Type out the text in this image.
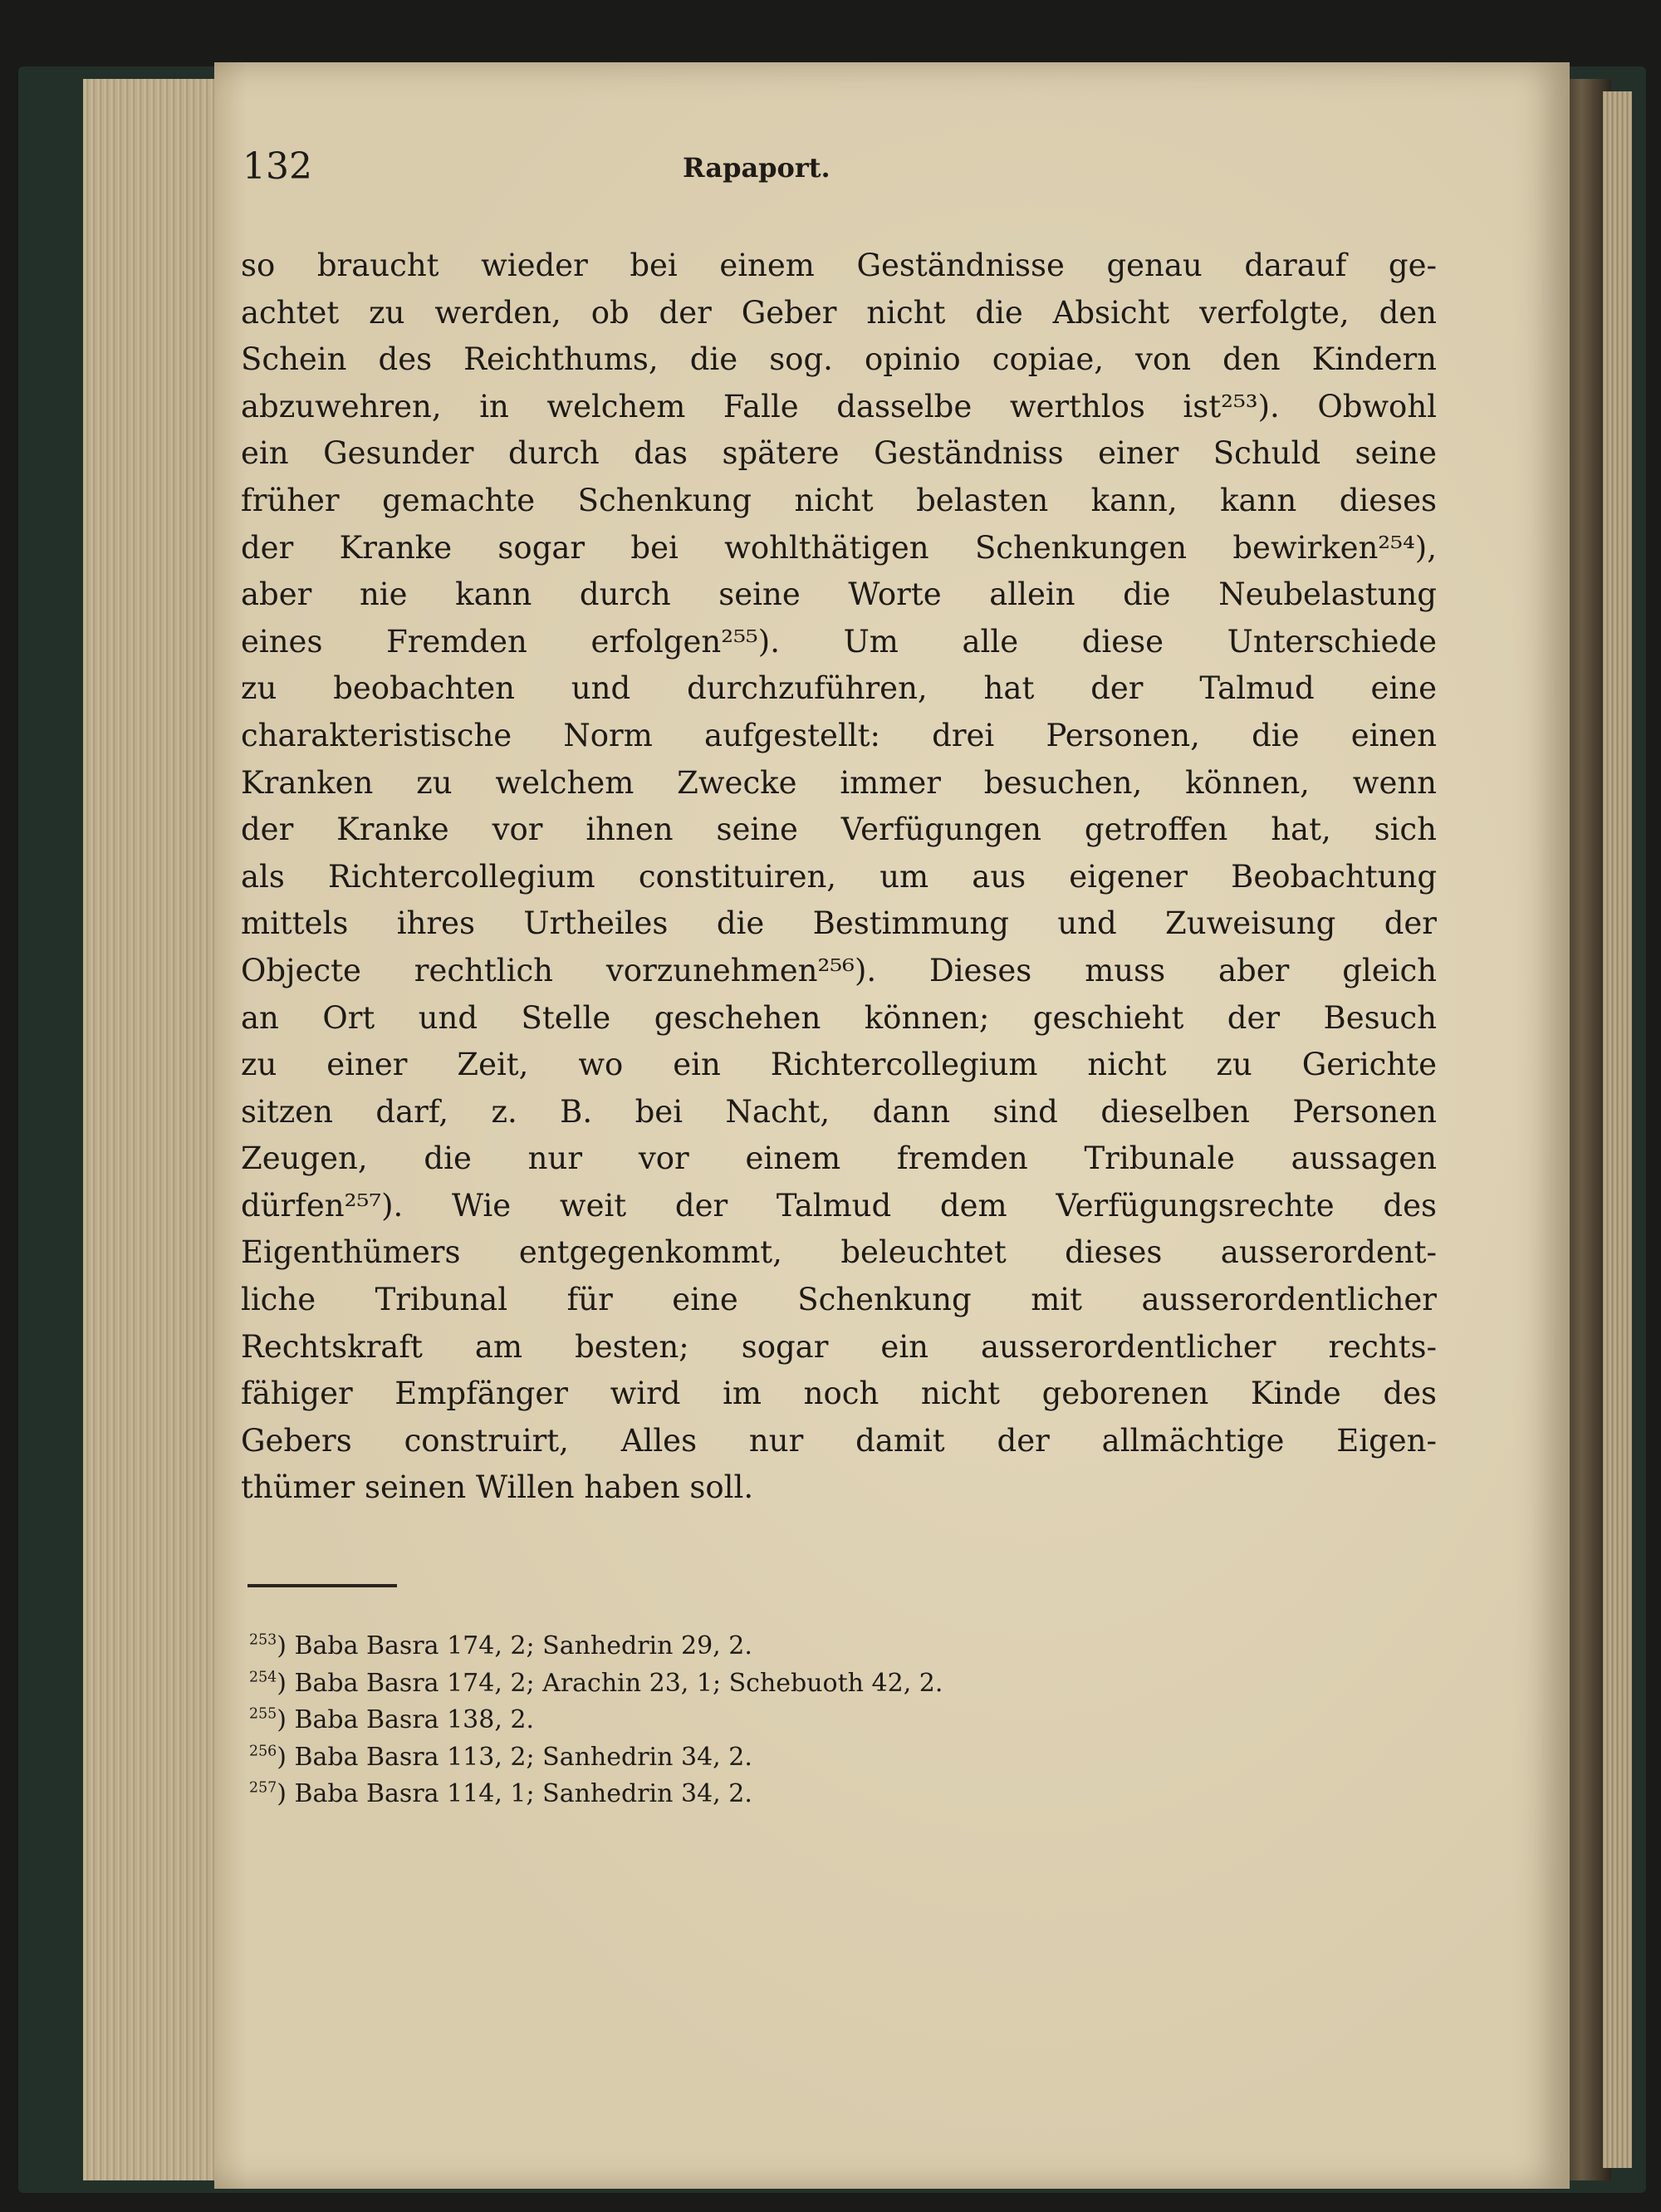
132	Rapaport.
so braucht wieder bei einem Geständnisse genau darauf ge-
achtet zu werden, ob der Geber nicht die Absicht verfolgte, den
Schein des Reichthums, die sog. opinio copiae, von den Kindern
abzuwehren, in welchem Falle dasselbe werthlos ist²⁵³). Obwohl
ein Gesunder durch das spätere Geständniss einer Schuld seine
früher gemachte Schenkung nicht belasten kann, kann dieses
der Kranke sogar bei wohlthätigen Schenkungen bewirken²⁵⁴),
aber nie kann durch seine Worte allein die Neubelastung
eines Fremden erfolgen²⁵⁵). Um alle diese Unterschiede
zu beobachten und durchzuführen, hat der Talmud eine
charakteristische Norm aufgestellt: drei Personen, die einen
Kranken zu welchem Zwecke immer besuchen, können, wenn
der Kranke vor ihnen seine Verfügungen getroffen hat, sich
als Richtercollegium constituiren, um aus eigener Beobachtung
mittels ihres Urtheiles die Bestimmung und Zuweisung der
Objecte rechtlich vorzunehmen²⁵⁶). Dieses muss aber gleich
an Ort und Stelle geschehen können; geschieht der Besuch
zu einer Zeit, wo ein Richtercollegium nicht zu Gerichte
sitzen darf, z. B. bei Nacht, dann sind dieselben Personen
Zeugen, die nur vor einem fremden Tribunale aussagen
dürfen²⁵⁷). Wie weit der Talmud dem Verfügungsrechte des
Eigenthümers entgegenkommt, beleuchtet dieses ausserordent-
liche Tribunal für eine Schenkung mit ausserordentlicher
Rechtskraft am besten; sogar ein ausserordentlicher rechts-
fähiger Empfänger wird im noch nicht geborenen Kinde des
Gebers construirt, Alles nur damit der allmächtige Eigen-
thümer seinen Willen haben soll.
$^{253}$) Baba Basra 174, 2; Sanhedrin 29, 2.
$^{254}$) Baba Basra 174, 2; Arachin 23, 1; Schebuoth 42, 2.
$^{255}$) Baba Basra 138, 2.
$^{256}$) Baba Basra 113, 2; Sanhedrin 34, 2.
$^{257}$) Baba Basra 114, 1; Sanhedrin 34, 2.
